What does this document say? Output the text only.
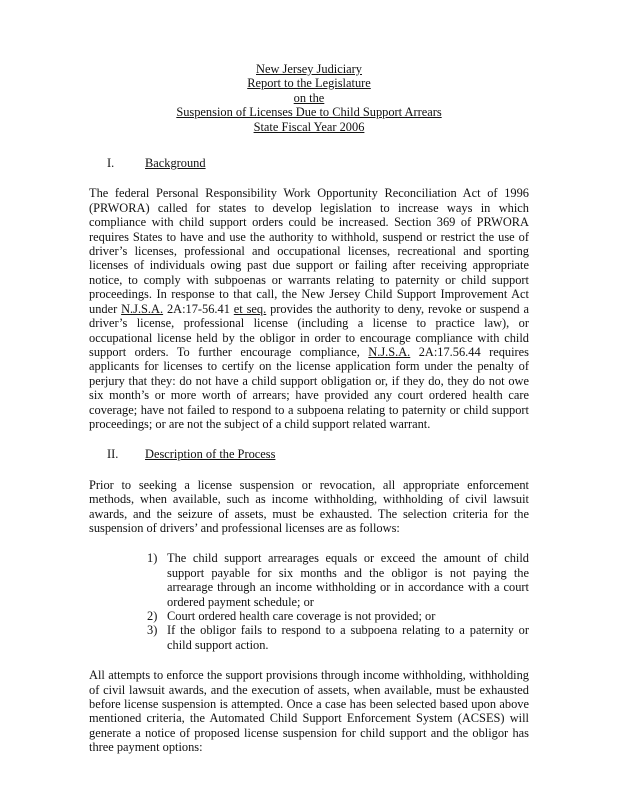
New Jersey Judiciary
Report to the Legislature
on the
Suspension of Licenses Due to Child Support Arrears
State Fiscal Year 2006
I.	Background

The federal Personal Responsibility Work Opportunity Reconciliation Act of 1996 (PRWORA) called for states to develop legislation to increase ways in which compliance with child support orders could be increased. Section 369 of PRWORA requires States to have and use the authority to withhold, suspend or restrict the use of driver’s licenses, professional and occupational licenses, recreational and sporting licenses of individuals owing past due support or failing after receiving appropriate notice, to comply with subpoenas or warrants relating to paternity or child support proceedings. In response to that call, the New Jersey Child Support Improvement Act under N.J.S.A. 2A:17-56.41 et seq. provides the authority to deny, revoke or suspend a driver’s license, professional license (including a license to practice law), or occupational license held by the obligor in order to encourage compliance with child support orders. To further encourage compliance, N.J.S.A. 2A:17.56.44 requires applicants for licenses to certify on the license application form under the penalty of perjury that they: do not have a child support obligation or, if they do, they do not owe six month’s or more worth of arrears; have provided any court ordered health care coverage; have not failed to respond to a subpoena relating to paternity or child support proceedings; or are not the subject of a child support related warrant.

II.	Description of the Process

Prior to seeking a license suspension or revocation, all appropriate enforcement methods, when available, such as income withholding, withholding of civil lawsuit awards, and the seizure of assets, must be exhausted. The selection criteria for the suspension of drivers’ and professional licenses are as follows:

1) The child support arrearages equals or exceed the amount of child support payable for six months and the obligor is not paying the arrearage through an income withholding or in accordance with a court ordered payment schedule; or
2) Court ordered health care coverage is not provided; or
3) If the obligor fails to respond to a subpoena relating to a paternity or child support action.

All attempts to enforce the support provisions through income withholding, withholding of civil lawsuit awards, and the execution of assets, when available, must be exhausted before license suspension is attempted. Once a case has been selected based upon above mentioned criteria, the Automated Child Support Enforcement System (ACSES) will generate a notice of proposed license suspension for child support and the obligor has three payment options:
